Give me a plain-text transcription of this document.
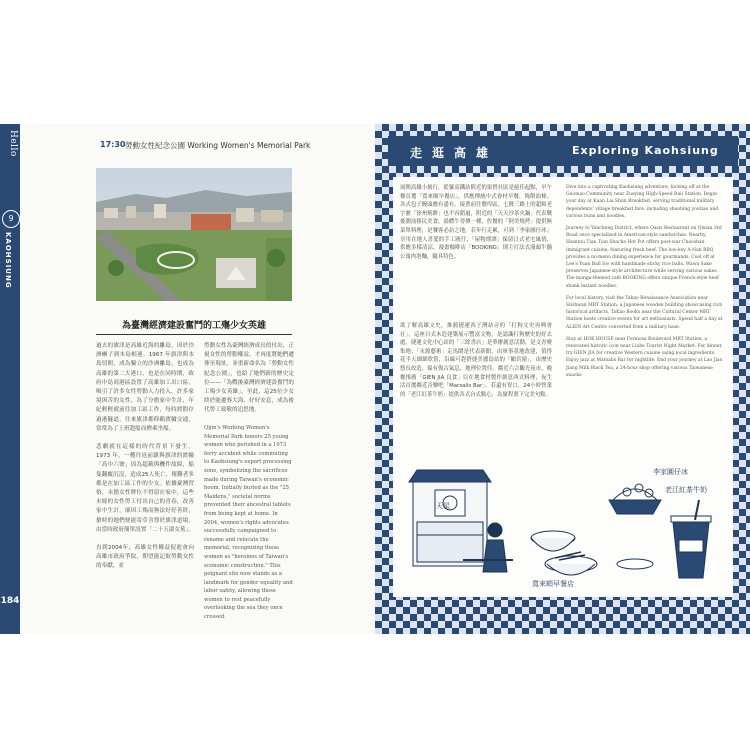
Hello
9
KAOHSIUNG
184
17:30 勞動女性紀念公園 Working Women's Memorial Park
為臺灣經濟建設奮鬥的工殤少女英雄
過去的旗津是高雄近海的離島，因於沙洲嶼子到本島相連。1967 年旗津與本島切開，成為獨立的沙洲離島，也成為高雄的第二大港口，也是在同時期，政府中島商港區設置了高雄加工出口區，吸引了許多女性勞動人力投入，許多家境困苦的女性，為了分擔家中生計，年紀輕輕就前往加工區工作，每時渡假存過港隧道，往來旗津都仰賴渡輪交通，常常為了上班趕船而擠乘坐船。
悲劇就在這樣的時代背景下發生。1973 年，一艘往返前鎮與旗津的渡輪「高中六號」因為超載與機件故障，船隻翻覆沉沒，造成25人死亡，罹難者多都是在加工區工作的少女。依據臺灣習俗，未婚女性牌位不得留在家中，這些未嫁的女性勞工付出自己的青春，改善家中生計，卻因工殤而無法好好善終，搶時的她們便能寄草含尊於旗津道場，由當時政府簡單設置「二十五淑女墓」。
直到2004年，高雄女性權益促進會向高雄市政府爭取，期望能記取勞動女性的奉獻，並
勞動女性為臺灣經濟成長的付出，正視女性的勞動權益，才再度將她們遷葬至現址，並重新命名為「勞動女性紀念公園」，也給了她們新的歷史定位——「為戰後臺灣經濟建設奮鬥的工殤少女英雄」。至此，這25位少女終於能遷葬大海，好好安息，成為後代勞工致敬的追思地。
Qijin's Working Women's Memorial Park honors 25 young women who perished in a 1973 ferry accident while commuting to Kaohsiung's export processing zone, symbolizing the sacrifices made during Taiwan's economic boom. Initially buried as the "25 Maidens," societal norms prevented their ancestral tablets from being kept at home. In 2004, women's rights advocates successfully campaigned to rename and relocate the memorial, recognizing these women as "heroines of Taiwan's economic construction." This poignant site now stands as a landmark for gender equality and labor safety, allowing these women to rest peacefully overlooking the sea they once crossed.
走逛高雄	Exploring Kaohsiung
展開高雄小旅行，從緊高鐵站附近的果貿社區是絕佳起點，早午餐首選「寬來順早餐店」，供應傳統中式眷村早餐，燒餅油條、各式包子饅頭應有盡有，接著前往鹽埕區，七賢三路上的超級老字號「徐州燒餅」也不容錯過，附近的「天天沙茶火鍋」代表戰後潮汕移民美食，湯體牛蒡傳一種，佐餐的「阿美燒烤」提供無菜單料理，是饕客必訪之地，若步行走累，可到「李家圓仔冰」享用在地人喜愛的手工圓仔，「屋物漂漂」保留日式老宅風情，供應多樣清涼，漫畫咖啡店「BOOKING」則主打法式漫頭牛髓公寓肉泡麵，隨具特色。
欲了解高雄文史，推薦捷運西子灣站旁的「打狗文史再興會社」，這座日式木造建築展示豐富文物，是認識打狗歷史的好去處，捷運文化中心站的「三餘書店」是華辦創意活動，是文青聚集地；「永源藝術」走馬鬧是代表新館，由軍事基地改建，值得花半天細細欣賞，沿線可趕搭捷美麗島站的「鶴宮窗」，由歷史悠長改造，保有復古氣息，地理位置佳，鄰近六合觀光夜市，晚餐推薦「GIEN JIA 良食」以在地食材製作創意西式料理，夜生活首選鄰近音樂吧「Marsalis Bar」，若還有胃口，24小時營業的「老江紅茶牛奶」提供各式台式點心，為旅程畫下完美句點。
Dive into a captivating Kaohsiung adventure, kicking off at the Guomao Community near Zuoying High-Speed Rail Station. Begin your day at Kuan Lai Shun Breakfast, serving traditional military dependents' village breakfast fare, including shaobing youtiao and various buns and noodles.
Journey to Yancheng District, where Oasis Restaurant on Qixian 3rd Road once specialized in American-style sandwiches. Nearby, Shantou Tian Tian Shacha Hot Pot offers post-war Chaoshan immigrant cuisine, featuring fresh beef. The low-key A-Nan BBQ provides a no-menu dining experience for gourmands. Cool off at Lee's Yuan Ball Ice with handmade sticky rice balls. Wawa Sake preserves Japanese-style architecture while serving various sakes. The manga-themed café BOOKING offers unique French-style beef shank instant noodles.
For local history, visit the Takao Renaissance Association near Sizihwan MRT Station, a Japanese wooden building showcasing rich historical artifacts. TaKao Books near the Cultural Center MRT Station hosts creative events for art enthusiasts. Spend half a day at ALIEN Art Centre converted from a military base.
Stay at HOK HOUSE near Formosa Boulevard MRT Station, a renovated historic icon near Liuhe Tourist Night Market. For dinner, try GIEN JIA for creative Western cuisine using local ingredients. Enjoy jazz at Marsalis Bar for nightlife. End your journey at Lao Jiao Jiang Milk Black Tea, a 24-hour shop offering various Taiwanese snacks.
天星
李家圓仔冰
老江紅茶牛奶
寬來順早餐店
